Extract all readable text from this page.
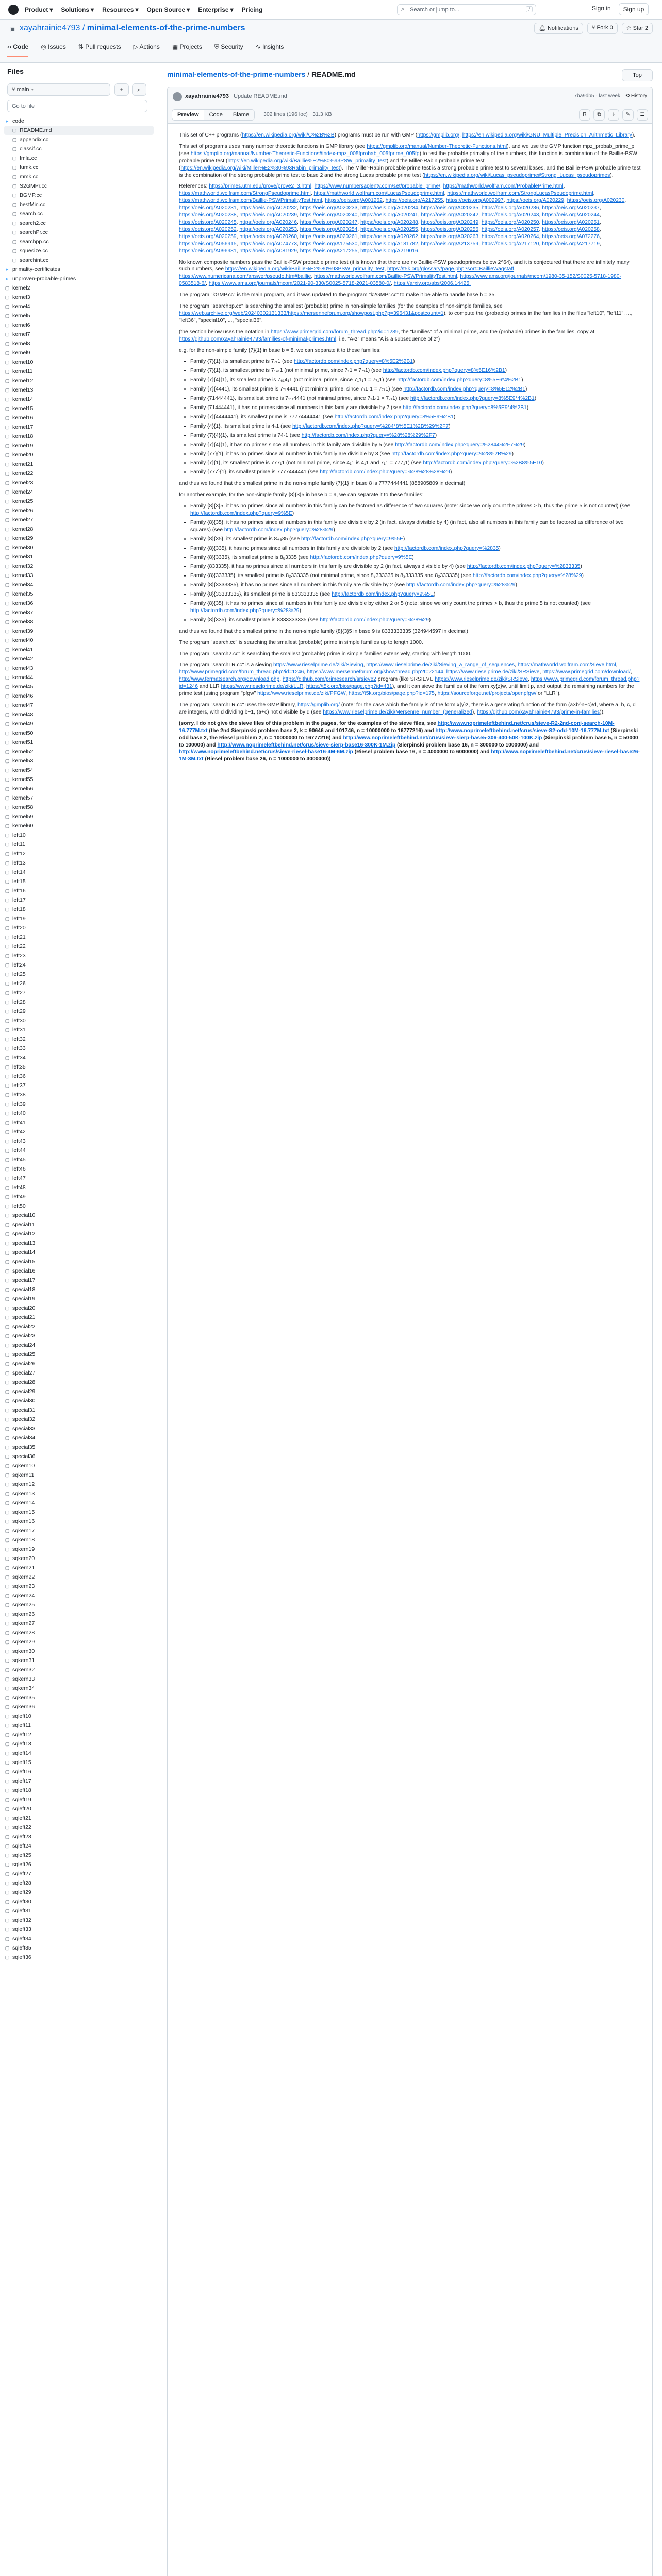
Product ▾ Solutions ▾ Resources ▾ Open Source ▾ Enterprise ▾ Pricing	⌕ Search or jump to...	/	Sign in	Sign up
▣ xayahrainie4793 / minimal-elements-of-the-prime-numbers	🔔︎ Notifications	⑂ Fork 0	☆ Star 2
‹› Code ◎ Issues ⇅ Pull requests ▷ Actions ▦ Projects ⛨ Security ∿ Insights
Files
⑂ main ▾	+	⌕
Go to file
▸ code
▢ README.md
▢ appendix.cc
▢ classif.cc
▢ fmla.cc
▢ fumk.cc
▢ mmk.cc
▢ S2GMPr.cc
▢ BGMP.cc
▢ bestMin.cc
▢ search.cc
▢ search2.cc
▢ searchPr.cc
▢ searchpp.cc
▢ squesize.cc
▢ searchint.cc
▸ primality-certificates
▸ unproven-probable-primes
▢ kernel2
▢ kernel3
▢ kernel4
▢ kernel5
▢ kernel6
▢ kernel7
▢ kernel8
▢ kernel9
▢ kernel10
▢ kernel11
▢ kernel12
▢ kernel13
▢ kernel14
▢ kernel15
▢ kernel16
▢ kernel17
▢ kernel18
▢ kernel19
▢ kernel20
▢ kernel21
▢ kernel22
▢ kernel23
▢ kernel24
▢ kernel25
▢ kernel26
▢ kernel27
▢ kernel28
▢ kernel29
▢ kernel30
▢ kernel31
▢ kernel32
▢ kernel33
▢ kernel34
▢ kernel35
▢ kernel36
▢ kernel37
▢ kernel38
▢ kernel39
▢ kernel40
▢ kernel41
▢ kernel42
▢ kernel43
▢ kernel44
▢ kernel45
▢ kernel46
▢ kernel47
▢ kernel48
▢ kernel49
▢ kernel50
▢ kernel51
▢ kernel52
▢ kernel53
▢ kernel54
▢ kernel55
▢ kernel56
▢ kernel57
▢ kernel58
▢ kernel59
▢ kernel60
▢ left10
▢ left11
▢ left12
▢ left13
▢ left14
▢ left15
▢ left16
▢ left17
▢ left18
▢ left19
▢ left20
▢ left21
▢ left22
▢ left23
▢ left24
▢ left25
▢ left26
▢ left27
▢ left28
▢ left29
▢ left30
▢ left31
▢ left32
▢ left33
▢ left34
▢ left35
▢ left36
▢ left37
▢ left38
▢ left39
▢ left40
▢ left41
▢ left42
▢ left43
▢ left44
▢ left45
▢ left46
▢ left47
▢ left48
▢ left49
▢ left50
▢ special10
▢ special11
▢ special12
▢ special13
▢ special14
▢ special15
▢ special16
▢ special17
▢ special18
▢ special19
▢ special20
▢ special21
▢ special22
▢ special23
▢ special24
▢ special25
▢ special26
▢ special27
▢ special28
▢ special29
▢ special30
▢ special31
▢ special32
▢ special33
▢ special34
▢ special35
▢ special36
▢ sqkern10
▢ sqkern11
▢ sqkern12
▢ sqkern13
▢ sqkern14
▢ sqkern15
▢ sqkern16
▢ sqkern17
▢ sqkern18
▢ sqkern19
▢ sqkern20
▢ sqkern21
▢ sqkern22
▢ sqkern23
▢ sqkern24
▢ sqkern25
▢ sqkern26
▢ sqkern27
▢ sqkern28
▢ sqkern29
▢ sqkern30
▢ sqkern31
▢ sqkern32
▢ sqkern33
▢ sqkern34
▢ sqkern35
▢ sqkern36
▢ sqleft10
▢ sqleft11
▢ sqleft12
▢ sqleft13
▢ sqleft14
▢ sqleft15
▢ sqleft16
▢ sqleft17
▢ sqleft18
▢ sqleft19
▢ sqleft20
▢ sqleft21
▢ sqleft22
▢ sqleft23
▢ sqleft24
▢ sqleft25
▢ sqleft26
▢ sqleft27
▢ sqleft28
▢ sqleft29
▢ sqleft30
▢ sqleft31
▢ sqleft32
▢ sqleft33
▢ sqleft34
▢ sqleft35
▢ sqleft36
minimal-elements-of-the-prime-numbers / README.md	Top
xayahrainie4793 Update README.md	7ba9db5 · last week ⟲ History
Preview	Code	Blame	302 lines (196 loc) · 31.3 KB	R	⧉	⤓	✎	☰

This set of C++ programs (https://en.wikipedia.org/wiki/C%2B%2B) programs must be run with GMP (https://gmplib.org/, https://en.wikipedia.org/wiki/GNU_Multiple_Precision_Arithmetic_Library).

This set of programs uses many number theoretic functions in GMP library (see https://gmplib.org/manual/Number-Theoretic-Functions.html), and we use the GMP function mpz_probab_prime_p (see https://gmplib.org/manual/Number-Theoretic-Functions#index-mpz_005fprobab_005fprime_005fp) to test the probable primality of the numbers, this function is combination of the Baillie-PSW probable prime test (https://en.wikipedia.org/wiki/Baillie%E2%80%93PSW_primality_test) and the Miller-Rabin probable prime test (https://en.wikipedia.org/wiki/Miller%E2%80%93Rabin_primality_test). The Miller-Rabin probable prime test is a strong probable prime test to several bases, and the Baillie-PSW probable prime test is the combination of the strong probable prime test to base 2 and the strong Lucas probable prime test (https://en.wikipedia.org/wiki/Lucas_pseudoprime#Strong_Lucas_pseudoprimes).

References: https://primes.utm.edu/prove/prove2_3.html, https://www.numbersaplenty.com/set/probable_prime/, https://mathworld.wolfram.com/ProbablePrime.html, https://mathworld.wolfram.com/StrongPseudoprime.html, https://mathworld.wolfram.com/LucasPseudoprime.html, https://mathworld.wolfram.com/StrongLucasPseudoprime.html, https://mathworld.wolfram.com/Baillie-PSWPrimalityTest.html, https://oeis.org/A001262, https://oeis.org/A217255, https://oeis.org/A002997, https://oeis.org/A020229, https://oeis.org/A020230, https://oeis.org/A020231, https://oeis.org/A020232, https://oeis.org/A020233, https://oeis.org/A020234, https://oeis.org/A020235, https://oeis.org/A020236, https://oeis.org/A020237, https://oeis.org/A020238, https://oeis.org/A020239, https://oeis.org/A020240, https://oeis.org/A020241, https://oeis.org/A020242, https://oeis.org/A020243, https://oeis.org/A020244, https://oeis.org/A020245, https://oeis.org/A020246, https://oeis.org/A020247, https://oeis.org/A020248, https://oeis.org/A020249, https://oeis.org/A020250, https://oeis.org/A020251, https://oeis.org/A020252, https://oeis.org/A020253, https://oeis.org/A020254, https://oeis.org/A020255, https://oeis.org/A020256, https://oeis.org/A020257, https://oeis.org/A020258, https://oeis.org/A020259, https://oeis.org/A020260, https://oeis.org/A020261, https://oeis.org/A020262, https://oeis.org/A020263, https://oeis.org/A020264, https://oeis.org/A072276, https://oeis.org/A056915, https://oeis.org/A074773, https://oeis.org/A175530, https://oeis.org/A181782, https://oeis.org/A213759, https://oeis.org/A217120, https://oeis.org/A217719, https://oeis.org/A096981, https://oeis.org/A081929, https://oeis.org/A217255, https://oeis.org/A219016.

No known composite numbers pass the Baillie-PSW probable prime test (it is known that there are no Baillie-PSW pseudoprimes below 2^64), and it is conjectured that there are infinitely many such numbers, see https://en.wikipedia.org/wiki/Baillie%E2%80%93PSW_primality_test, https://t5k.org/glossary/page.php?sort=BaillieWagstaff, https://www.numericana.com/answer/pseudo.htm#baillie, https://mathworld.wolfram.com/Baillie-PSWPrimalityTest.html, https://www.ams.org/journals/mcom/1980-35-152/S0025-5718-1980-0583518-6/, https://www.ams.org/journals/mcom/2021-90-330/S0025-5718-2021-03580-0/, https://arxiv.org/abs/2006.14425.

The program "kGMP.cc" is the main program, and it was updated to the program "k2GMPr.cc" to make it be able to handle base b = 35.

The program "searchpp.cc" is searching the smallest (probable) prime in non-simple families (for the examples of non-simple families, see https://web.archive.org/web/20240302131333/https://mersenneforum.org/showpost.php?p=396431&postcount=1), to compute the (probable) primes in the families in the files "left10", "left11", ..., "left36", "special10", ..., "special36".

(the section below uses the notation in https://www.primegrid.com/forum_thread.php?id=1289, the "families" of a minimal prime, and the (probable) primes in the families, copy at https://github.com/xayahrainie4793/families-of-minimal-primes.html, i.e. "A-z" means "A is a subsequence of z")

e.g. for the non-simple family {7}{1} in base b = 8, we can separate it to these families:

• Family {7}{1}, its smallest prime is 7₇₁1 (see http://factordb.com/index.php?query=8%5E2%2B1)
• Family {7}{1}, its smallest prime is 7₁₄₁1 (not minimal prime, since 7₁1 = 7₇₁1) (see http://factordb.com/index.php?query=8%5E16%2B1)
• Family {7}{4}{1}, its smallest prime is 7₆₁4₁1 (not minimal prime, since 7₁1₁1 = 7₇₁1) (see http://factordb.com/index.php?query=8%5E6*4%2B1)
• Family {7}{4441}, its smallest prime is 7₇₁4441 (not minimal prime, since 7₁1₁1 = 7₇₁1) (see http://factordb.com/index.php?query=8%5E12%2B1)
• Family {71444441}, its smallest prime is 7₁₁₁4441 (not minimal prime, since 7₁1₁1 = 7₇₁1) (see http://factordb.com/index.php?query=8%5E9*4%2B1)
• Family {71444441}, it has no primes since all numbers in this family are divisible by 7 (see http://factordb.com/index.php?query=8%5E9*4%2B1)
• Family {7}{4444441}, its smallest prime is 77774444441 (see http://factordb.com/index.php?query=8%5E9%2B1)
• Family {4}{1}. Its smallest prime is 4₁1 (see http://factordb.com/index.php?query=%284*8%5E1%2B%29%2F7)
• Family {7}{4}{1}, its smallest prime is 74-1 (see http://factordb.com/index.php?query=%28%28%29%2F7)
• Family {7}{4}{1}, it has no primes since all numbers in this family are divisible by 5 (see http://factordb.com/index.php?query=%2844%2F7%29)
• Family {77}{1}, it has no primes since all numbers in this family are divisible by 3 (see http://factordb.com/index.php?query=%28%2B%29)
• Family {7}{1}, its smallest prime is 777₁1 (not minimal prime, since 4₁1 is 4₁1 and 7₁1 = 777₁1) (see http://factordb.com/index.php?query=%2B8%5E10)
• Family {777}{1}, its smallest prime is 7777444441 (see http://factordb.com/index.php?query=%28%28%28%29)

and thus we found that the smallest prime in the non-simple family {7}{1} in base 8 is 7777444441 (858905809 in decimal)

for another example, for the non-simple family {8}{3}5 in base b = 9, we can separate it to these families:

• Family {8}{3}5, it has no primes since all numbers in this family can be factored as difference of two squares (note: since we only count the primes > b, thus the prime 5 is not counted) (see http://factordb.com/index.php?query=9%5E)
• Family {8}{35}, it has no primes since all numbers in this family are divisible by 2 (in fact, always divisible by 4) (in fact, also all numbers in this family can be factored as difference of two squares) (see http://factordb.com/index.php?query=%28%29)
• Family {8}{35}, its smallest prime is 8₊₆35 (see http://factordb.com/index.php?query=9%5E)
• Family {8}{335}, it has no primes since all numbers in this family are divisible by 2 (see http://factordb.com/index.php?query=%2835)
• Family {8}{3335}, its smallest prime is 8₆3335 (see http://factordb.com/index.php?query=9%5E)
• Family {833335}, it has no primes since all numbers in this family are divisible by 2 (in fact, always divisible by 4) (see http://factordb.com/index.php?query=%2833335)
• Family {8}{333335}, its smallest prime is 8₃333335 (not minimal prime, since 8₃333335 is 8₃333335 and 8₃333335) (see http://factordb.com/index.php?query=%28%29)
• Family {8}{3333335}, it has no primes since all numbers in this family are divisible by 2 (see http://factordb.com/index.php?query=%28%29)
• Family {8}{33333335}, its smallest prime is 833333335 (see http://factordb.com/index.php?query=9%5E)
• Family {8}{35}, it has no primes since all numbers in this family are divisible by either 2 or 5 (note: since we only count the primes > b, thus the prime 5 is not counted) (see http://factordb.com/index.php?query=%28%29)
• Family {8}{335}, its smallest prime is 8333333335 (see http://factordb.com/index.php?query=%28%29)

and thus we found that the smallest prime in the non-simple family {8}{3}5 in base 9 is 8333333335 (324944597 in decimal)

The program "search.cc" is searching the smallest (probable) prime in simple families up to length 1000.

The program "search2.cc" is searching the smallest (probable) prime in simple families extensively, starting with length 1000.

The program "searchLR.cc" is a sieving https://www.rieselprime.de/ziki/Sieving, https://www.rieselprime.de/ziki/Sieving_a_range_of_sequences, https://mathworld.wolfram.com/Sieve.html, http://www.primegrid.com/forum_thread.php?id=1246, https://www.mersenneforum.org/showthread.php?t=22144, https://www.rieselprime.de/ziki/SRSieve, https://www.primegrid.com/download/, http://www.fermatsearch.org/download.php, https://github.com/primesearch/srsieve2 program (like SRSIEVE https://www.rieselprime.de/ziki/SRSieve, https://www.primegrid.com/forum_thread.php?id=1246 and LLR https://www.rieselprime.de/ziki/LLR, https://t5k.org/bios/page.php?id=431), and it can sieve the families of the form xy{z}w, until limit p, and output the remaining numbers for the prime test (using program "pfgw" https://www.rieselprime.de/ziki/PFGW, https://t5k.org/bios/page.php?id=175, https://sourceforge.net/projects/openpfgw/ or "LLR").

The program "searchLR.cc" uses the GMP library, https://gmplib.org/ (note: for the case which the family is of the form x{y}z, there is a generating function of the form (a×b^n+c)/d, where a, b, c, d are integers, with d dividing b−1, (a+c) not divisible by d (see https://www.rieselprime.de/ziki/Mersenne_number_(generalized), https://github.com/xayahrainie4793/prime-in-families)).

(sorry, I do not give the sieve files of this problem in the pages, for the examples of the sieve files, see http://www.noprimeleftbehind.net/crus/sieve-R2-2nd-conj-search-10M-16.777M.txt (the 2nd Sierpinski problem base 2, k = 90646 and 101746, n = 10000000 to 16777216) and http://www.noprimeleftbehind.net/crus/sieve-S2-odd-10M-16.777M.txt (Sierpinski odd base 2, the Riesel problem 2, n = 10000000 to 16777216) and http://www.noprimeleftbehind.net/crus/sieve-sierp-base5-306-400-50K-100K.zip (Sierpinski problem base 5, n = 50000 to 100000) and http://www.noprimeleftbehind.net/crus/sieve-sierp-base16-300K-1M.zip (Sierpinski problem base 16, n = 300000 to 1000000) and http://www.noprimeleftbehind.net/crus/sieve-riesel-base16-4M-6M.zip (Riesel problem base 16, n = 4000000 to 6000000) and http://www.noprimeleftbehind.net/crus/sieve-riesel-base26-1M-3M.txt (Riesel problem base 26, n = 1000000 to 3000000))
